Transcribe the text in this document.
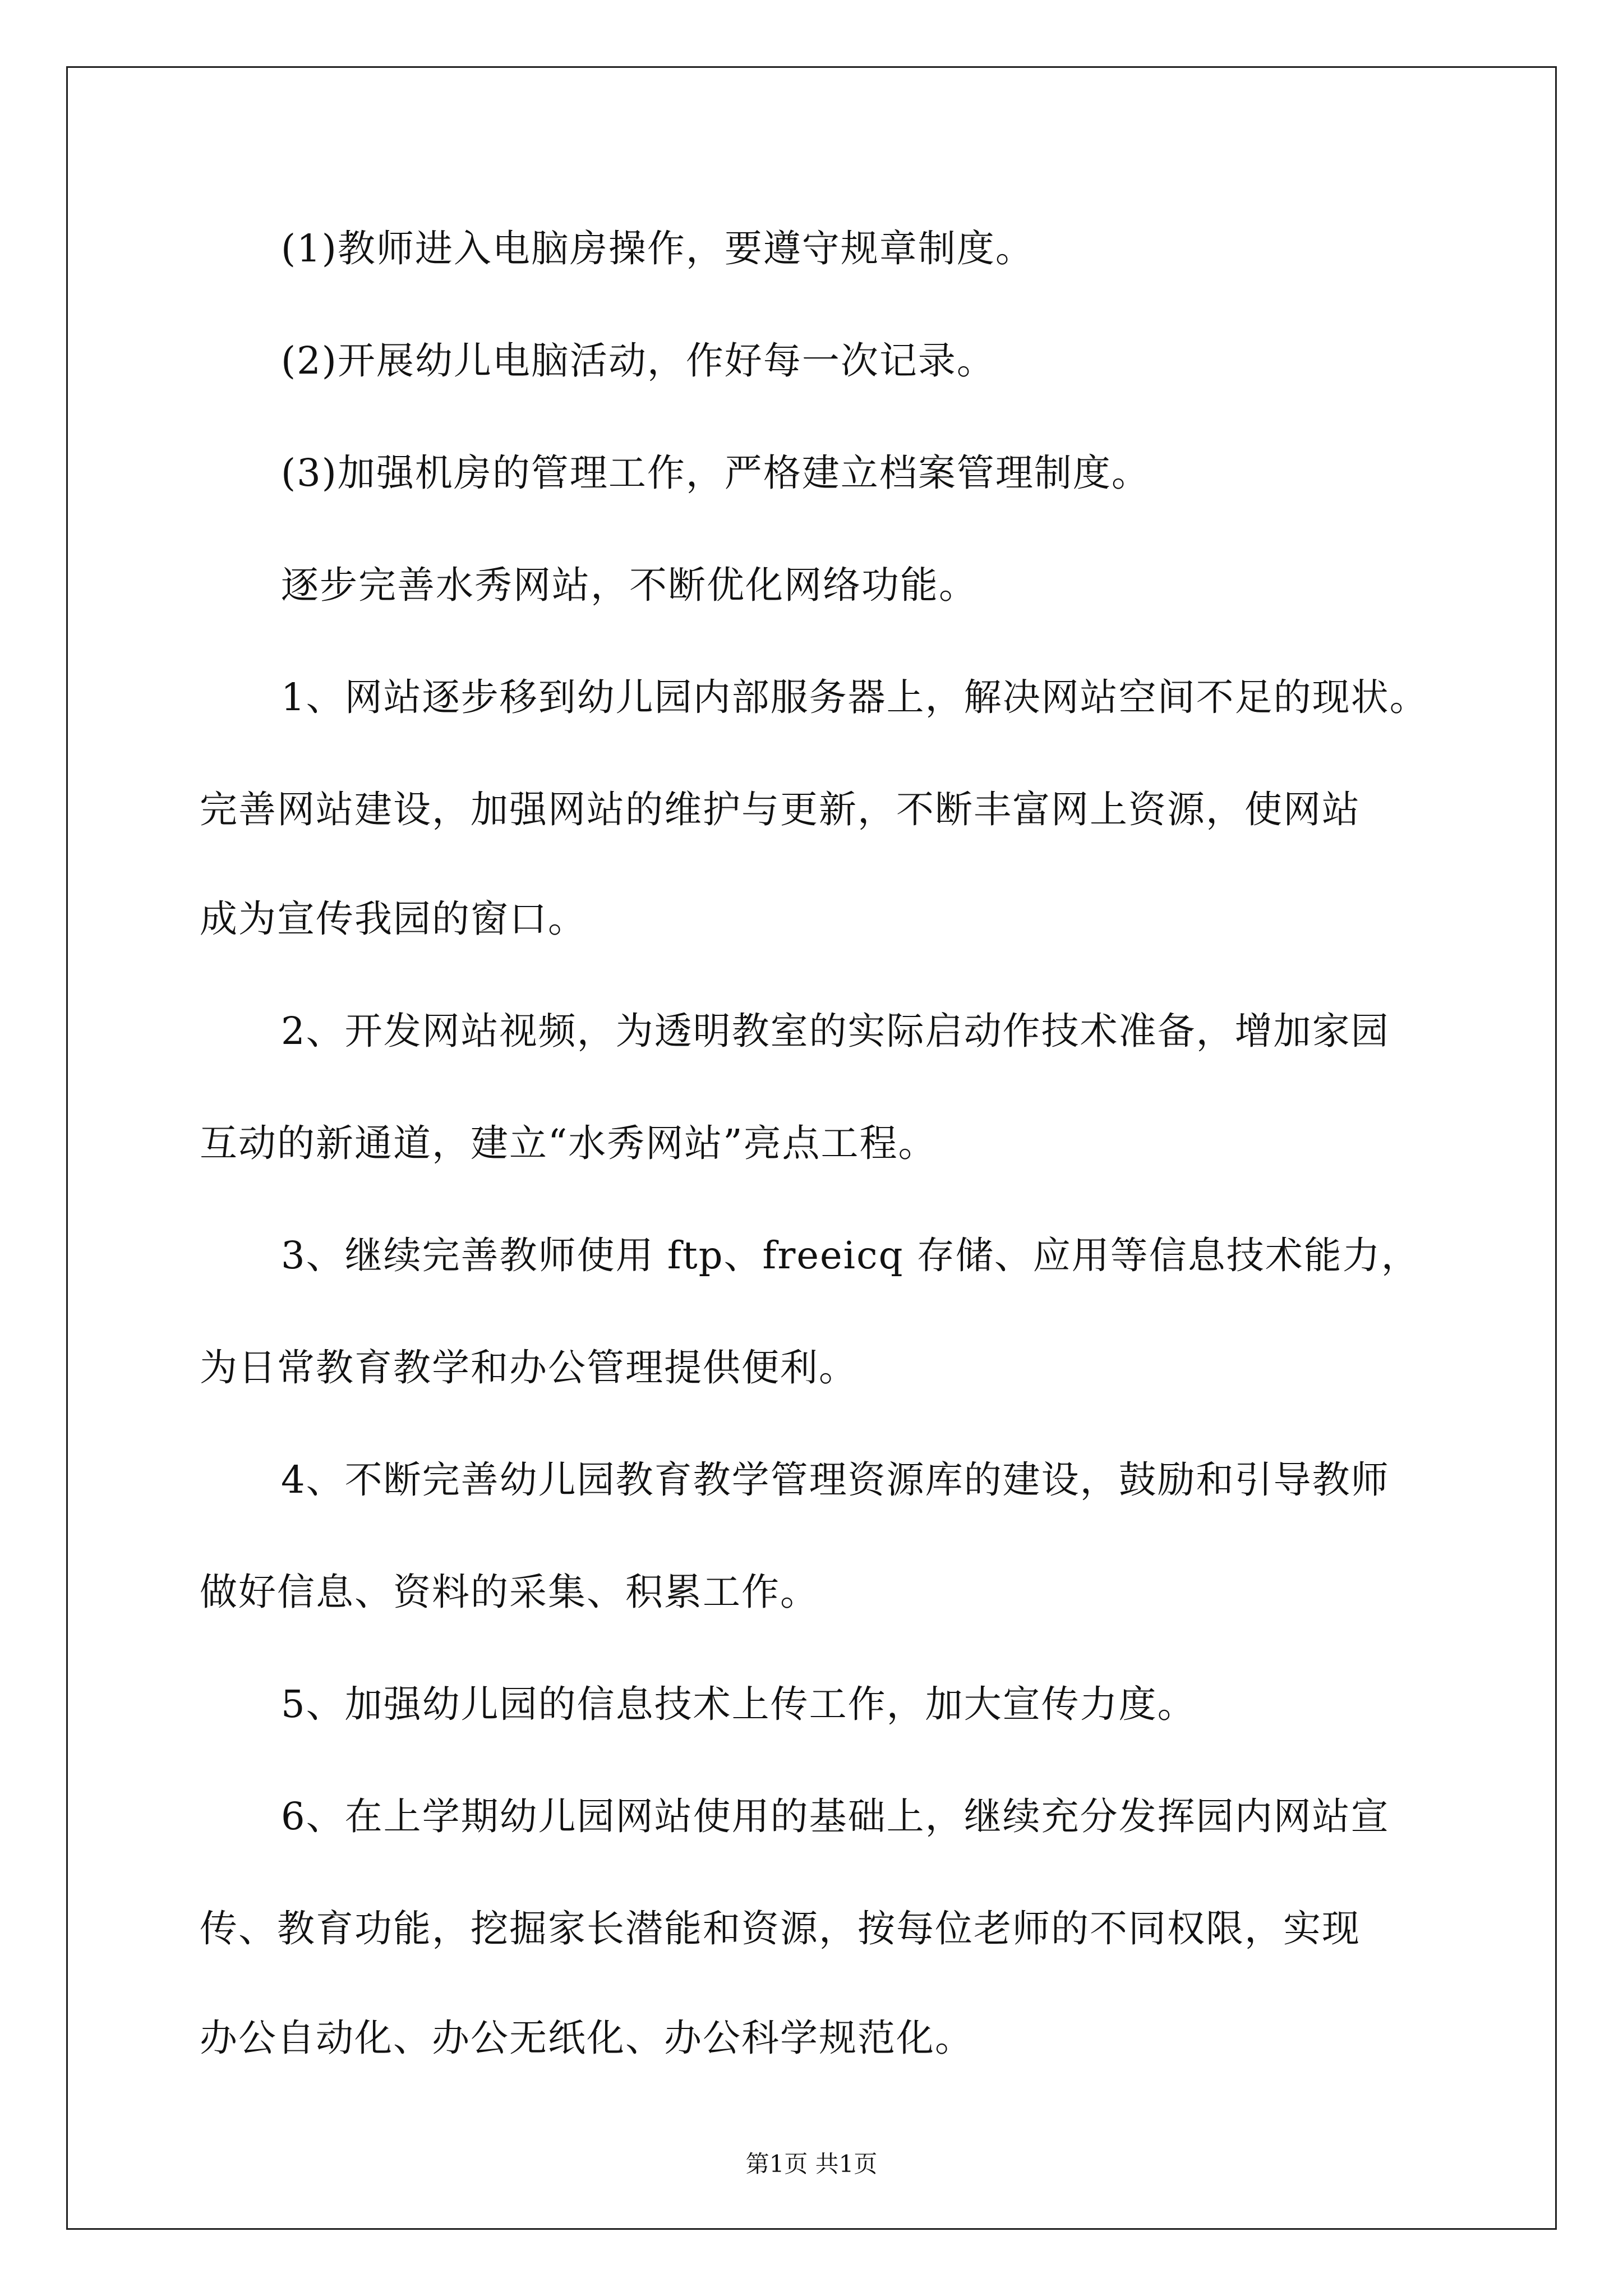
(1)教师进入电脑房操作，要遵守规章制度。
(2)开展幼儿电脑活动，作好每一次记录。
(3)加强机房的管理工作，严格建立档案管理制度。
逐步完善水秀网站，不断优化网络功能。
1、网站逐步移到幼儿园内部服务器上，解决网站空间不足的现状。
完善网站建设，加强网站的维护与更新，不断丰富网上资源，使网站
成为宣传我园的窗口。
2、开发网站视频，为透明教室的实际启动作技术准备，增加家园
互动的新通道，建立“水秀网站”亮点工程。
3、继续完善教师使用 ftp、freeicq 存储、应用等信息技术能力，
为日常教育教学和办公管理提供便利。
4、不断完善幼儿园教育教学管理资源库的建设，鼓励和引导教师
做好信息、资料的采集、积累工作。
5、加强幼儿园的信息技术上传工作，加大宣传力度。
6、在上学期幼儿园网站使用的基础上，继续充分发挥园内网站宣
传、教育功能，挖掘家长潜能和资源，按每位老师的不同权限，实现
办公自动化、办公无纸化、办公科学规范化。
第1页 共1页
